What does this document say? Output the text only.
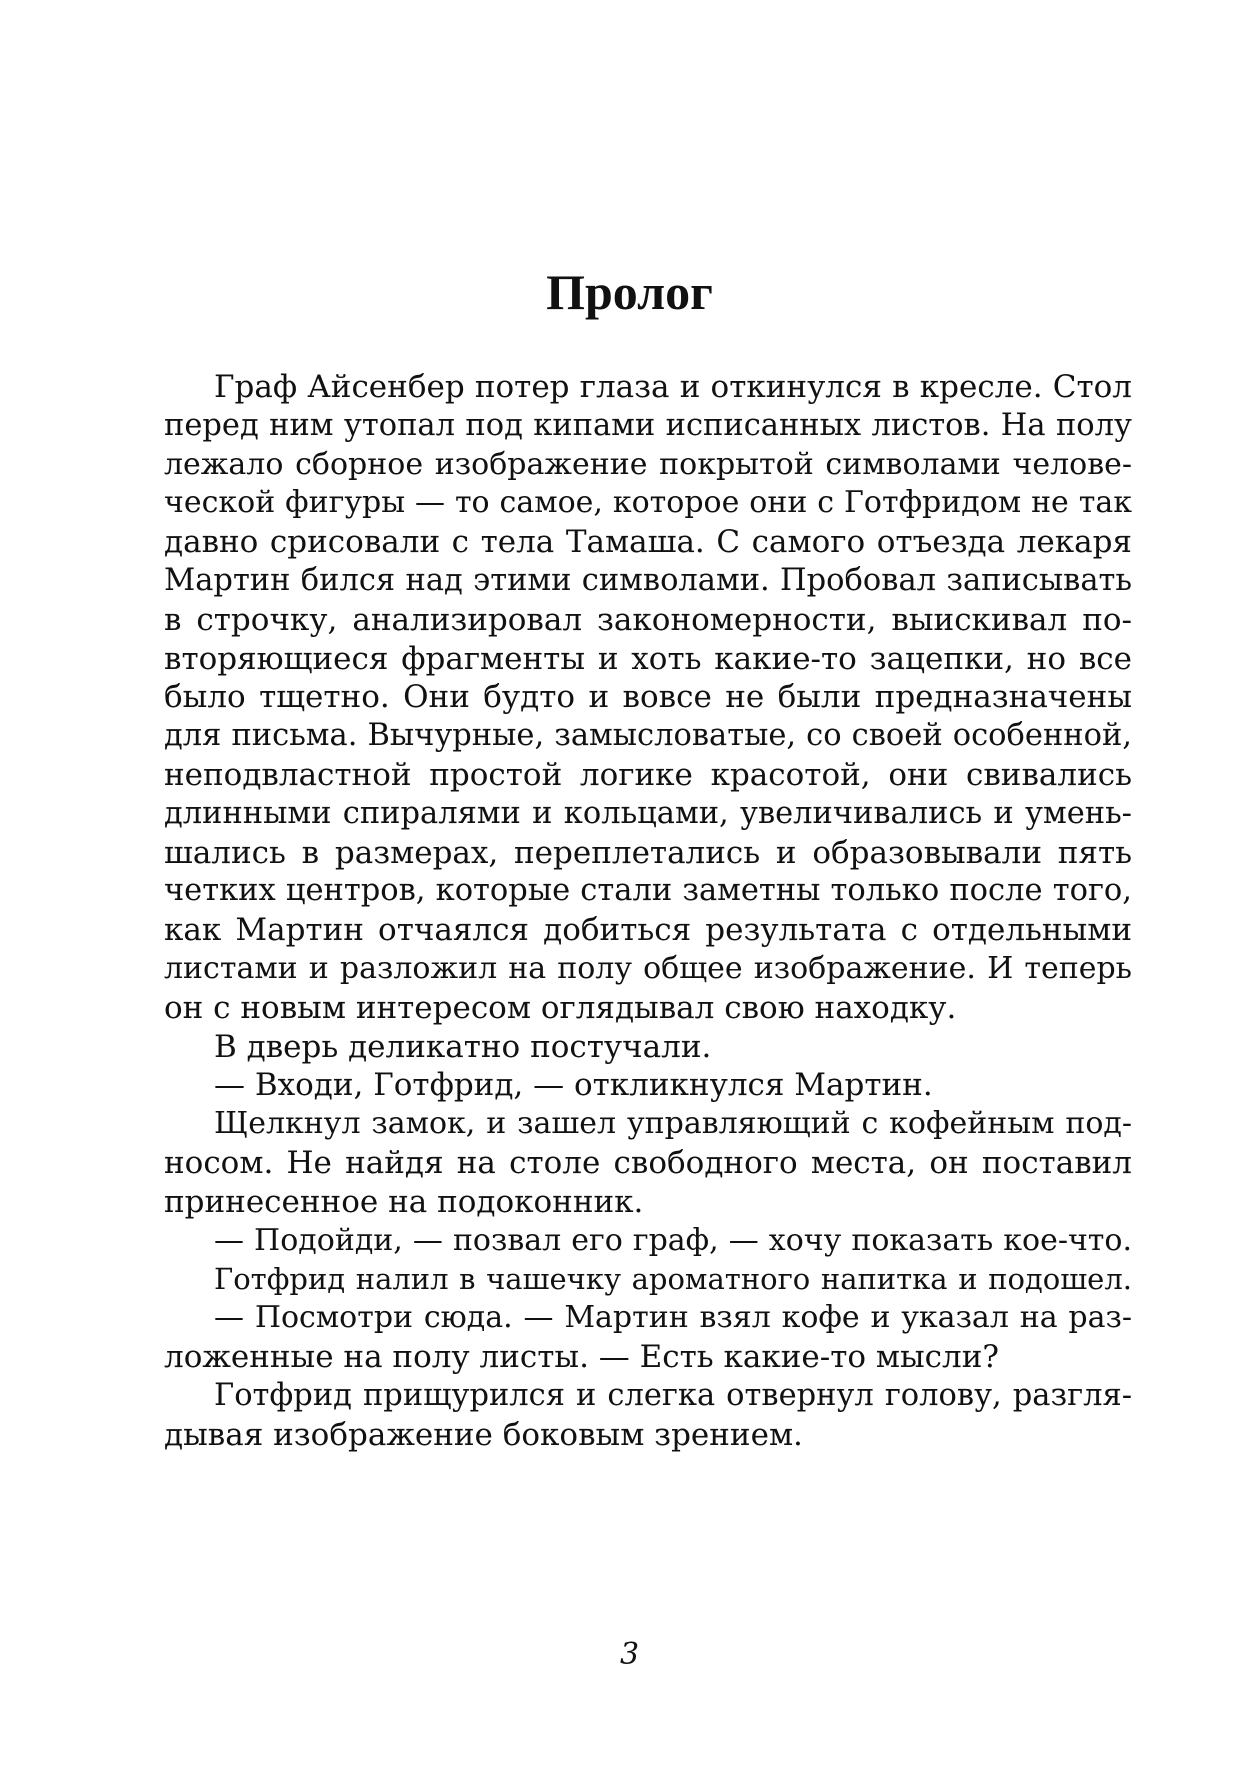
Пролог
Граф Айсенбер потер глаза и откинулся в кресле. Стол
перед ним утопал под кипами исписанных листов. На полу
лежало сборное изображение покрытой символами челове-
ческой фигуры — то самое, которое они с Готфридом не так
давно срисовали с тела Тамаша. С самого отъезда лекаря
Мартин бился над этими символами. Пробовал записывать
в строчку, анализировал закономерности, выискивал по-
вторяющиеся фрагменты и хоть какие-то зацепки, но все
было тщетно. Они будто и вовсе не были предназначены
для письма. Вычурные, замысловатые, со своей особенной,
неподвластной простой логике красотой, они свивались
длинными спиралями и кольцами, увеличивались и умень-
шались в размерах, переплетались и образовывали пять
четких центров, которые стали заметны только после того,
как Мартин отчаялся добиться результата с отдельными
листами и разложил на полу общее изображение. И теперь
он с новым интересом оглядывал свою находку.
В дверь деликатно постучали.
— Входи, Готфрид, — откликнулся Мартин.
Щелкнул замок, и зашел управляющий с кофейным под-
носом. Не найдя на столе свободного места, он поставил
принесенное на подоконник.
— Подойди, — позвал его граф, — хочу показать кое-что.
Готфрид налил в чашечку ароматного напитка и подошел.
— Посмотри сюда. — Мартин взял кофе и указал на раз-
ложенные на полу листы. — Есть какие-то мысли?
Готфрид прищурился и слегка отвернул голову, разгля-
дывая изображение боковым зрением.
3
